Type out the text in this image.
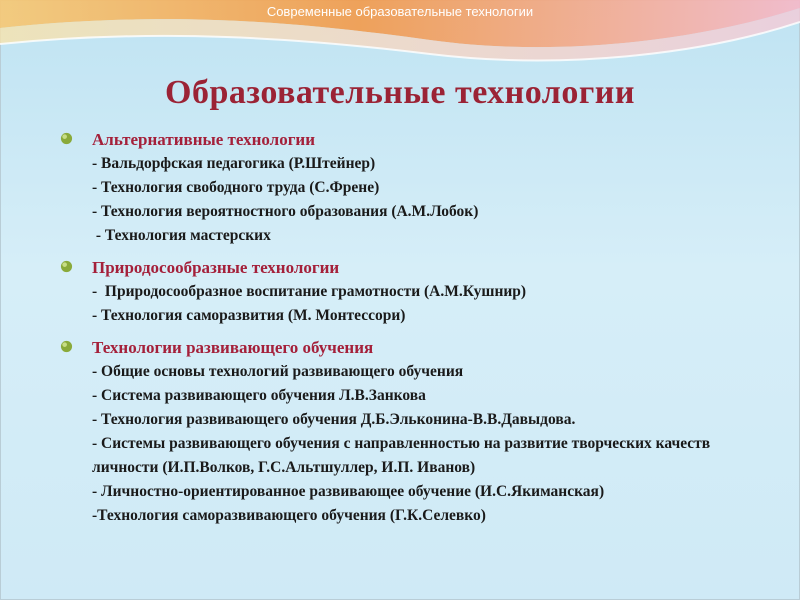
Современные образовательные технологии
Образовательные технологии
Альтернативные технологии
- Вальдорфская педагогика (Р.Штейнер)
- Технология свободного труда (С.Френе)
- Технология вероятностного образования (А.М.Лобок)
- Технология мастерских
Природосообразные технологии
-  Природосообразное воспитание грамотности (А.М.Кушнир)
- Технология саморазвития (М. Монтессори)
Технологии развивающего обучения
- Общие основы технологий развивающего обучения
- Система развивающего обучения Л.В.Занкова
- Технология развивающего обучения Д.Б.Эльконина-В.В.Давыдова.
- Системы развивающего обучения с направленностью на развитие творческих качеств личности (И.П.Волков, Г.С.Альтшуллер, И.П. Иванов)
- Личностно-ориентированное развивающее обучение (И.С.Якиманская)
-Технология саморазвивающего обучения (Г.К.Селевко)
